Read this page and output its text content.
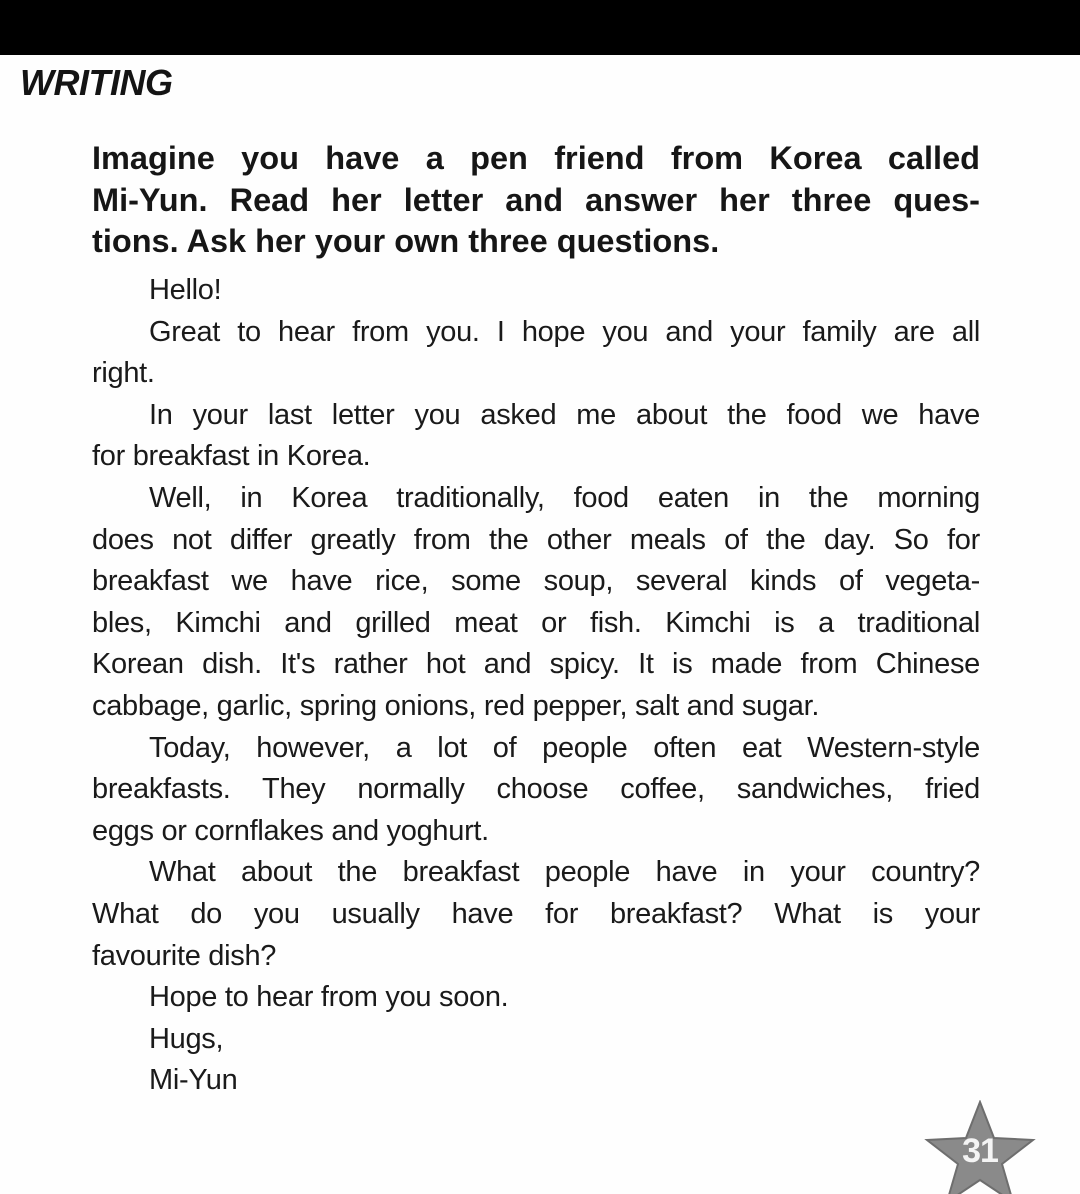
WRITING

Imagine you have a pen friend from Korea called
Mi-Yun. Read her letter and answer her three ques-
tions. Ask her your own three questions.

Hello!
Great to hear from you. I hope you and your family are all
right.
In your last letter you asked me about the food we have
for breakfast in Korea.
Well, in Korea traditionally, food eaten in the morning
does not differ greatly from the other meals of the day. So for
breakfast we have rice, some soup, several kinds of vegeta-
bles, Kimchi and grilled meat or fish. Kimchi is a traditional
Korean dish. It's rather hot and spicy. It is made from Chinese
cabbage, garlic, spring onions, red pepper, salt and sugar.
Today, however, a lot of people often eat Western-style
breakfasts. They normally choose coffee, sandwiches, fried
eggs or cornflakes and yoghurt.
What about the breakfast people have in your country?
What do you usually have for breakfast? What is your
favourite dish?
Hope to hear from you soon.
Hugs,
Mi-Yun
31
